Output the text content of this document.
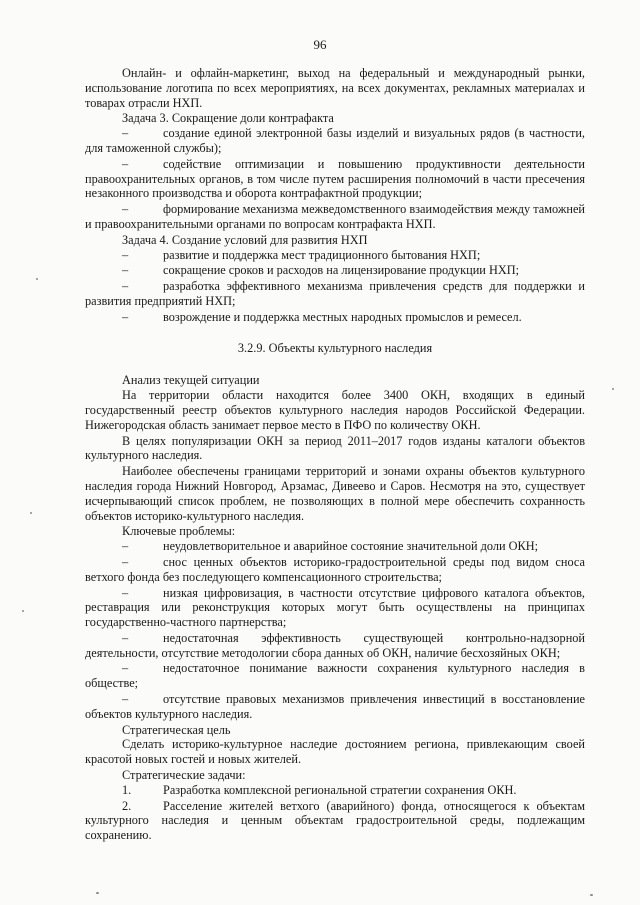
96
Онлайн- и офлайн-маркетинг, выход на федеральный и международный рынки, использование логотипа по всех мероприятиях, на всех документах, рекламных материалах и товарах отрасли НХП.
Задача 3. Сокращение доли контрафакта
–	создание единой электронной базы изделий и визуальных рядов (в частности, для таможенной службы);
–	содействие оптимизации и повышению продуктивности деятельности правоохранительных органов, в том числе путем расширения полномочий в части пресечения незаконного производства и оборота контрафактной продукции;
–	формирование механизма межведомственного взаимодействия между таможней и правоохранительными органами по вопросам контрафакта НХП.
Задача 4. Создание условий для развития НХП
–	развитие и поддержка мест традиционного бытования НХП;
–	сокращение сроков и расходов на лицензирование продукции НХП;
–	разработка эффективного механизма привлечения средств для поддержки и развития предприятий НХП;
–	возрождение и поддержка местных народных промыслов и ремесел.
3.2.9. Объекты культурного наследия
Анализ текущей ситуации
На территории области находится более 3400 ОКН, входящих в единый государственный реестр объектов культурного наследия народов Российской Федерации. Нижегородская область занимает первое место в ПФО по количеству ОКН.
В целях популяризации ОКН за период 2011–2017 годов изданы каталоги объектов культурного наследия.
Наиболее обеспечены границами территорий и зонами охраны объектов культурного наследия города Нижний Новгород, Арзамас, Дивеево и Саров. Несмотря на это, существует исчерпывающий список проблем, не позволяющих в полной мере обеспечить сохранность объектов историко-культурного наследия.
Ключевые проблемы:
–	неудовлетворительное и аварийное состояние значительной доли ОКН;
–	снос ценных объектов историко-градостроительной среды под видом сноса ветхого фонда без последующего компенсационного строительства;
–	низкая цифровизация, в частности отсутствие цифрового каталога объектов, реставрация или реконструкция которых могут быть осуществлены на принципах государственно-частного партнерства;
–	недостаточная эффективность существующей контрольно-надзорной деятельности, отсутствие методологии сбора данных об ОКН, наличие бесхозяйных ОКН;
–	недостаточное понимание важности сохранения культурного наследия в обществе;
–	отсутствие правовых механизмов привлечения инвестиций в восстановление объектов культурного наследия.
Стратегическая цель
Сделать историко-культурное наследие достоянием региона, привлекающим своей красотой новых гостей и новых жителей.
Стратегические задачи:
1.	Разработка комплексной региональной стратегии сохранения ОКН.
2.	Расселение жителей ветхого (аварийного) фонда, относящегося к объектам культурного наследия и ценным объектам градостроительной среды, подлежащим сохранению.
